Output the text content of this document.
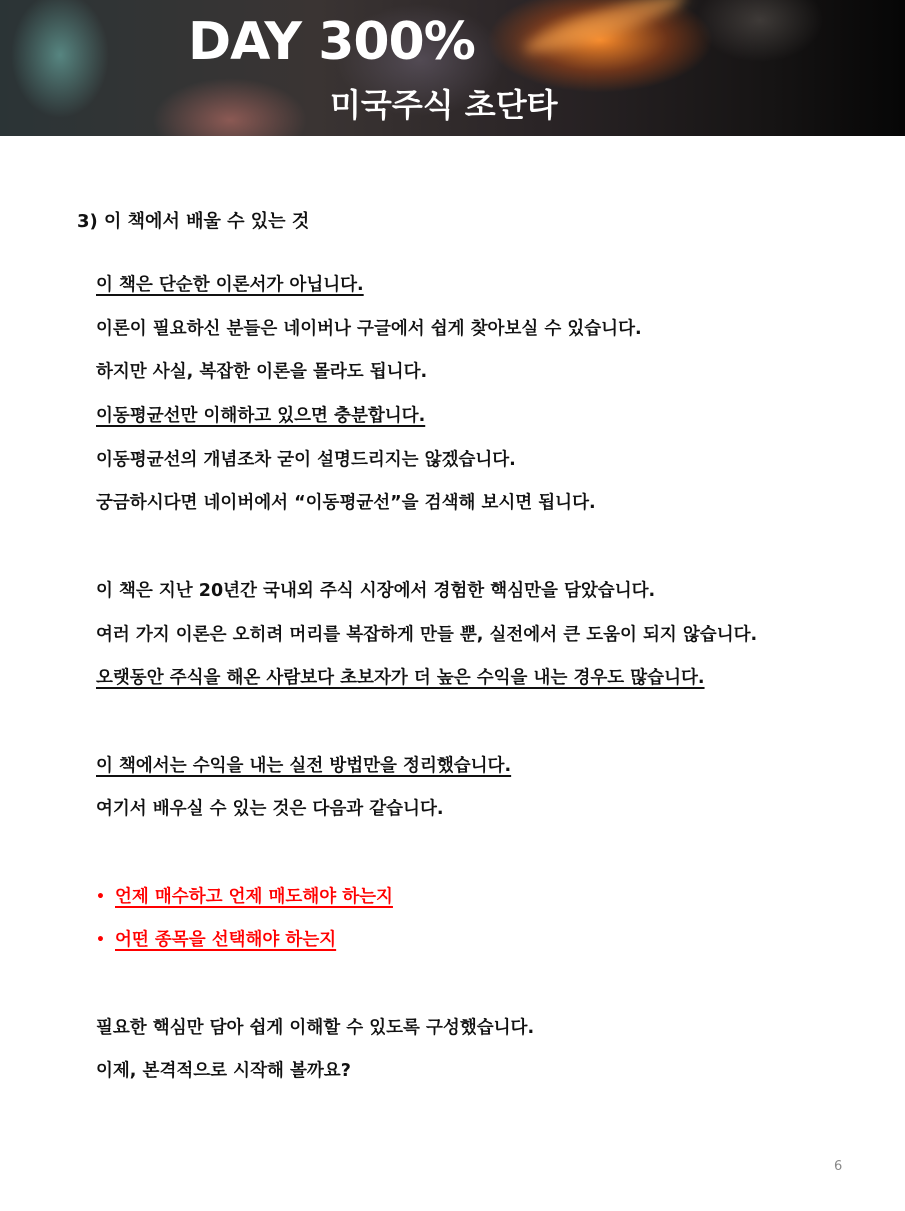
DAY 300%
미국주식 초단타
3) 이 책에서 배울 수 있는 것
이 책은 단순한 이론서가 아닙니다.
이론이 필요하신 분들은 네이버나 구글에서 쉽게 찾아보실 수 있습니다.
하지만 사실, 복잡한 이론을 몰라도 됩니다.
이동평균선만 이해하고 있으면 충분합니다.
이동평균선의 개념조차 굳이 설명드리지는 않겠습니다.
궁금하시다면 네이버에서 “이동평균선”을 검색해 보시면 됩니다.
이 책은 지난 20년간 국내외 주식 시장에서 경험한 핵심만을 담았습니다.
여러 가지 이론은 오히려 머리를 복잡하게 만들 뿐, 실전에서 큰 도움이 되지 않습니다.
오랫동안 주식을 해온 사람보다 초보자가 더 높은 수익을 내는 경우도 많습니다.
이 책에서는 수익을 내는 실전 방법만을 정리했습니다.
여기서 배우실 수 있는 것은 다음과 같습니다.
• 언제 매수하고 언제 매도해야 하는지
• 어떤 종목을 선택해야 하는지
필요한 핵심만 담아 쉽게 이해할 수 있도록 구성했습니다.
이제, 본격적으로 시작해 볼까요?
6
